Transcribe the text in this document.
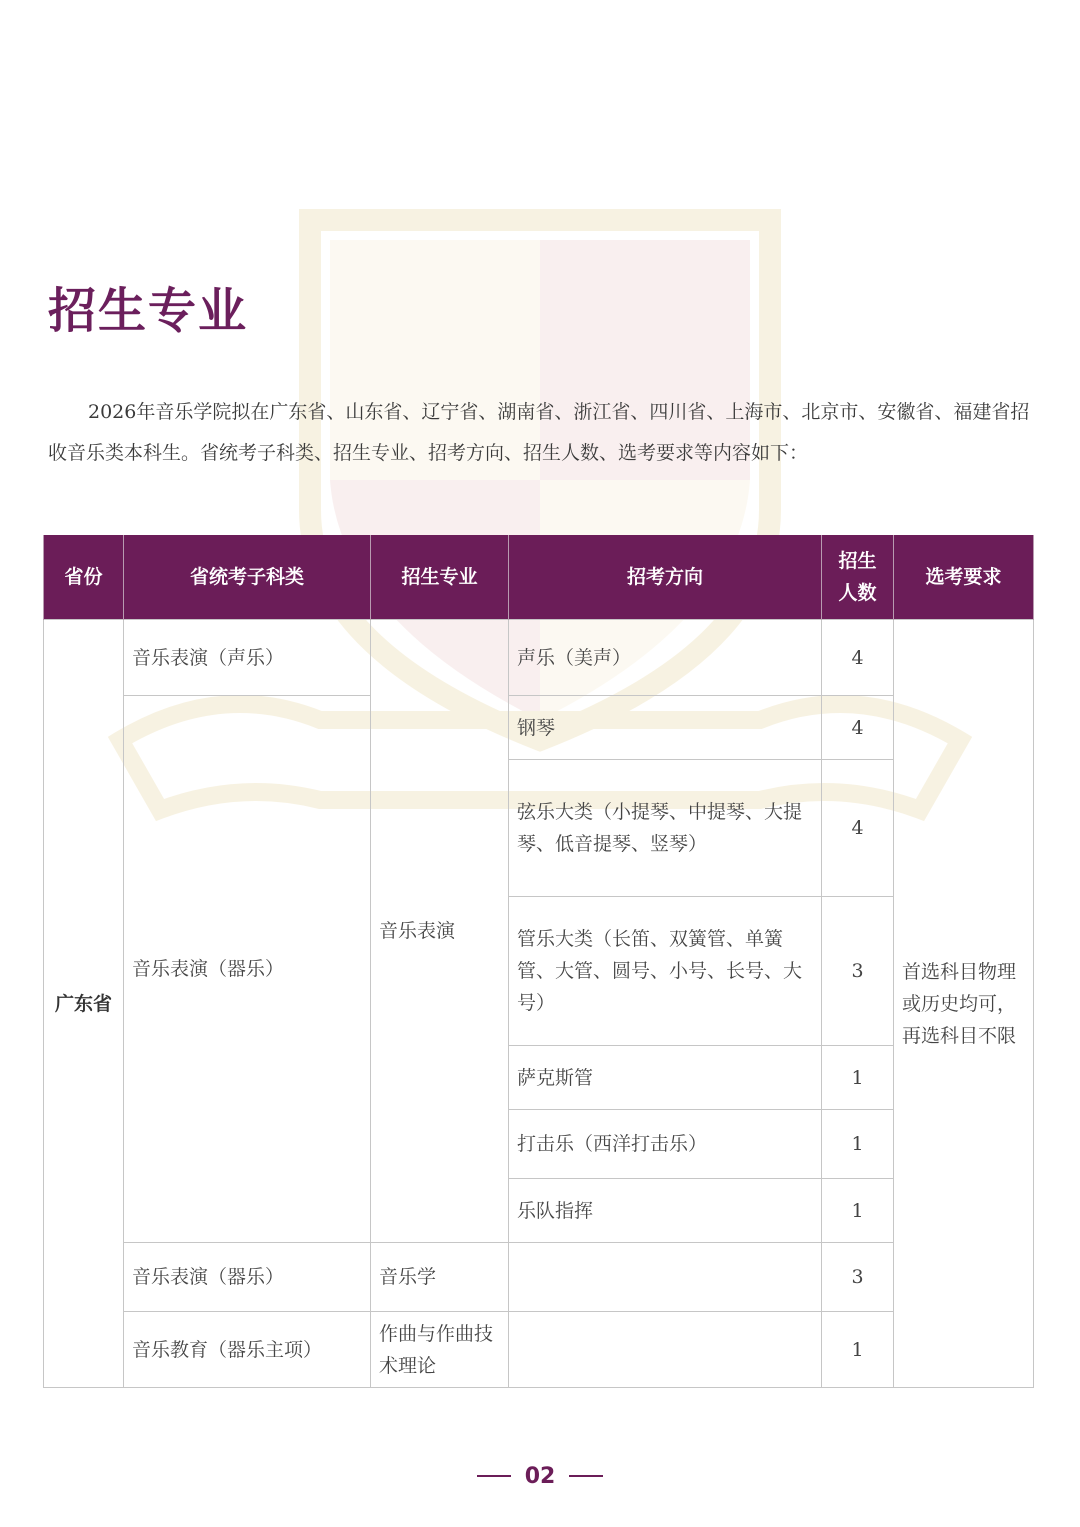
招生专业

2026年音乐学院拟在广东省、山东省、辽宁省、湖南省、浙江省、四川省、上海市、北京市、安徽省、福建省招收音乐类本科生。省统考子科类、招生专业、招考方向、招生人数、选考要求等内容如下：

省份	省统考子科类	招生专业	招考方向	招生人数	选考要求
广东省	音乐表演（声乐）	音乐表演	声乐（美声）	4	首选科目物理或历史均可，再选科目不限
	音乐表演（器乐）		钢琴	4	
			弦乐大类（小提琴、中提琴、大提琴、低音提琴、竖琴）	4	
			管乐大类（长笛、双簧管、单簧管、大管、圆号、小号、长号、大号）	3	
			萨克斯管	1	
			打击乐（西洋打击乐）	1	
			乐队指挥	1	
	音乐表演（器乐）	音乐学		3	
	音乐教育（器乐主项）	作曲与作曲技术理论		1	
02
